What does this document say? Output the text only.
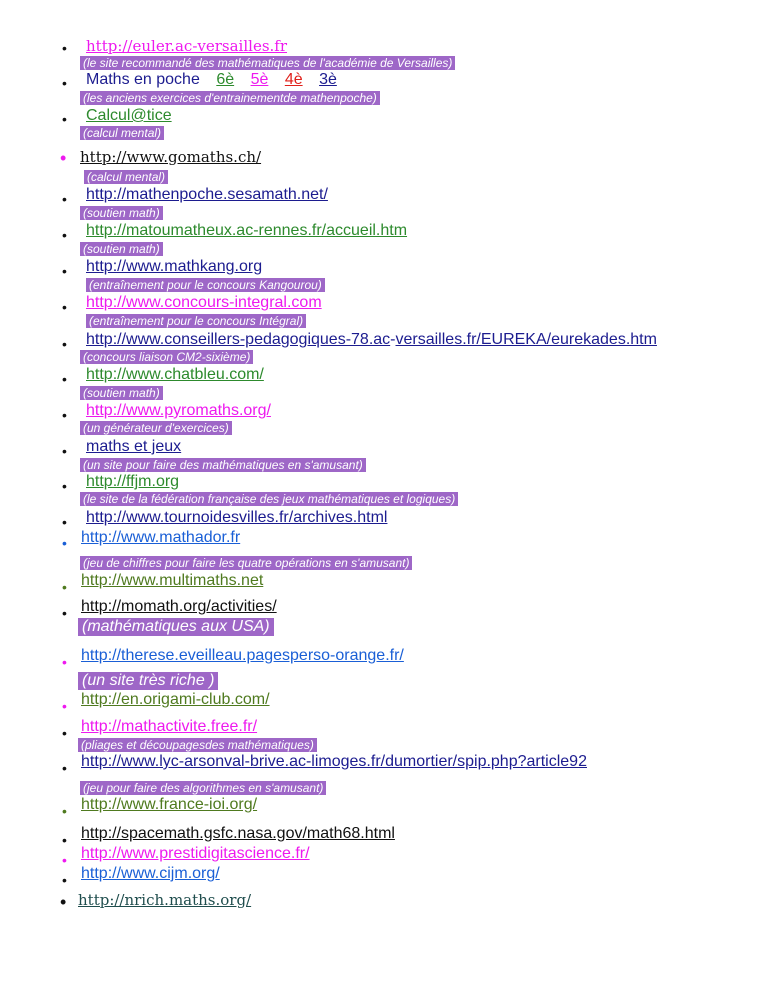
• http://euler.ac-versailles.fr
(le site recommandé des mathématiques de l'académie de Versailles)
• Maths en poche 6è 5è 4è 3è
(les anciens exercices d'entrainementde mathenpoche)
• Calcul@tice
(calcul mental)
• http://www.gomaths.ch/
(calcul mental)
• http://mathenpoche.sesamath.net/
(soutien math)
• http://matoumatheux.ac-rennes.fr/accueil.htm
(soutien math)
• http://www.mathkang.org
(entraînement pour le concours Kangourou)
• http://www.concours-integral.com
(entraînement pour le concours Intégral)
• http://www.conseillers-pedagogiques-78.ac-versailles.fr/EUREKA/eurekades.htm
(concours liaison CM2-sixième)
• http://www.chatbleu.com/
(soutien math)
• http://www.pyromaths.org/
(un générateur d'exercices)
• maths et jeux
(un site pour faire des mathématiques en s'amusant)
• http://ffjm.org
(le site de la fédération française des jeux mathématiques et logiques)
• http://www.tournoidesvilles.fr/archives.html
• http://www.mathador.fr
(jeu de chiffres pour faire les quatre opérations en s'amusant)
• http://www.multimaths.net
• http://momath.org/activities/
(mathématiques aux USA)
• http://therese.eveilleau.pagesperso-orange.fr/
(un site très riche )
• http://en.origami-club.com/
• http://mathactivite.free.fr/
(pliages et découpagesdes mathématiques)
• http://www.lyc-arsonval-brive.ac-limoges.fr/dumortier/spip.php?article92
(jeu pour faire des algorithmes en s'amusant)
• http://www.france-ioi.org/
• http://spacemath.gsfc.nasa.gov/math68.html
• http://www.prestidigitascience.fr/
• http://www.cijm.org/
• http://nrich.maths.org/
